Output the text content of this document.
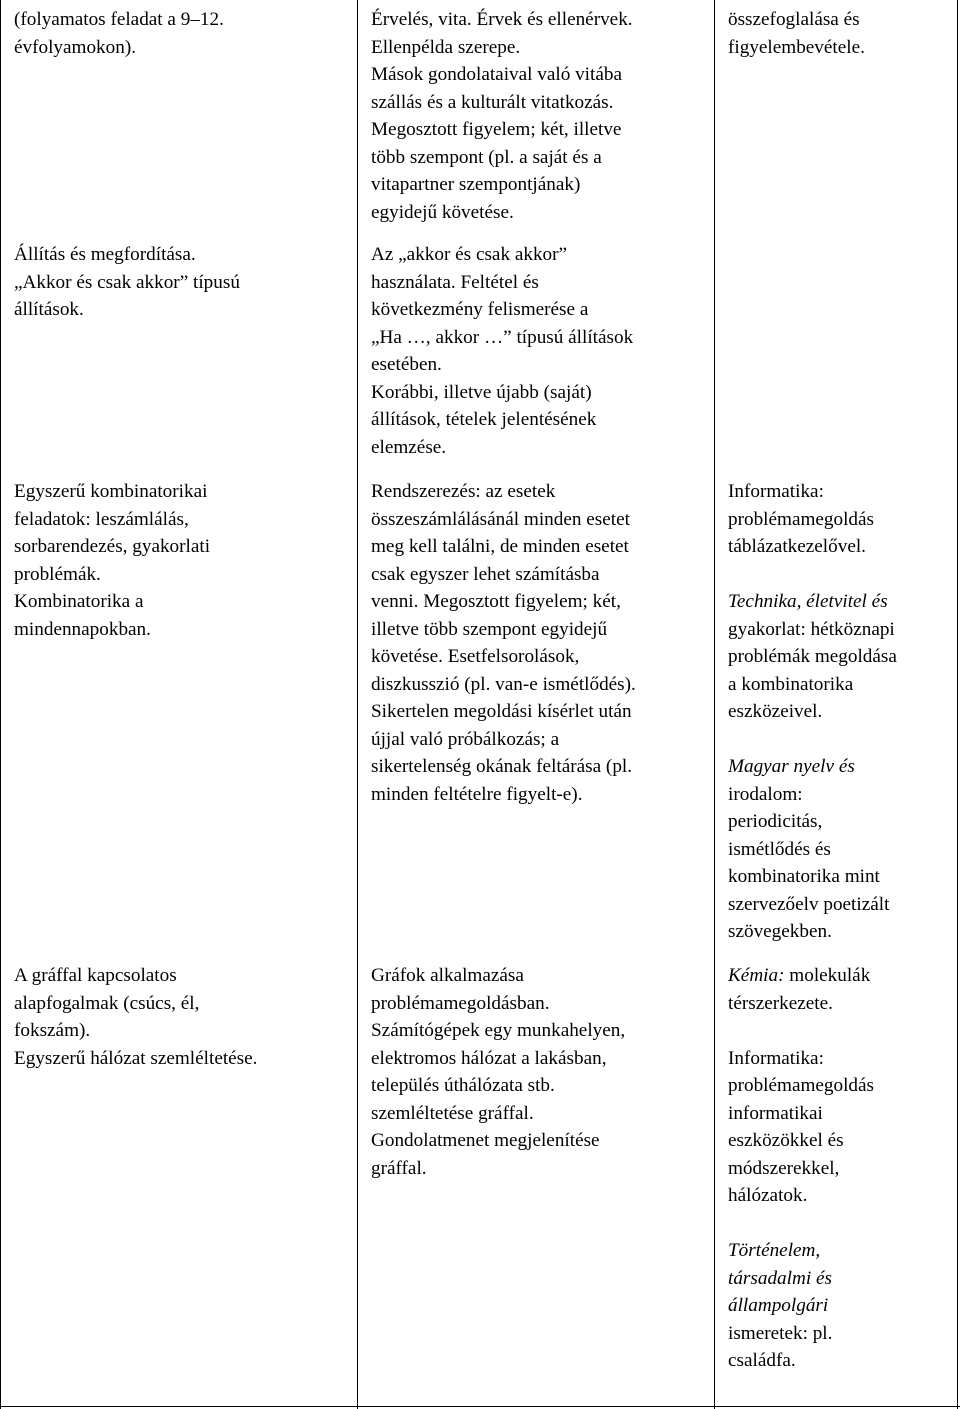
(folyamatos feladat a 9–12.

évfolyamokon).

Érvelés, vita. Érvek és ellenérvek.

Ellenpélda szerepe.

Mások gondolataival való vitába

szállás és a kulturált vitatkozás.

Megosztott figyelem; két, illetve

több szempont (pl. a saját és a

vitapartner szempontjának)

egyidejű követése.

összefoglalása és

figyelembevétele.

Állítás és megfordítása.

„Akkor és csak akkor” típusú

állítások.

Az „akkor és csak akkor”

használata. Feltétel és

következmény felismerése a

„Ha …, akkor …” típusú állítások

esetében.

Korábbi, illetve újabb (saját)

állítások, tételek jelentésének

elemzése.

Egyszerű kombinatorikai

feladatok: leszámlálás,

sorbarendezés, gyakorlati

problémák.

Kombinatorika a

mindennapokban.

Rendszerezés: az esetek

összeszámlálásánál minden esetet

meg kell találni, de minden esetet

csak egyszer lehet számításba

venni. Megosztott figyelem; két,

illetve több szempont egyidejű

követése. Esetfelsorolások,

diszkusszió (pl. van-e ismétlődés).

Sikertelen megoldási kísérlet után

újjal való próbálkozás; a

sikertelenség okának feltárása (pl.

minden feltételre figyelt-e).

Informatika:

problémamegoldás

táblázatkezelővel.

Technika, életvitel és

gyakorlat: hétköznapi

problémák megoldása

a kombinatorika

eszközeivel.

Magyar nyelv és

irodalom:

periodicitás,

ismétlődés és

kombinatorika mint

szervezőelv poetizált

szövegekben.

A gráffal kapcsolatos

alapfogalmak (csúcs, él,

fokszám).

Egyszerű hálózat szemléltetése.

Gráfok alkalmazása

problémamegoldásban.

Számítógépek egy munkahelyen,

elektromos hálózat a lakásban,

település úthálózata stb.

szemléltetése gráffal.

Gondolatmenet megjelenítése

gráffal.

Kémia: molekulák

térszerkezete.

Informatika:

problémamegoldás

informatikai

eszközökkel és

módszerekkel,

hálózatok.

Történelem,

társadalmi és

állampolgári

ismeretek: pl.

családfa.
